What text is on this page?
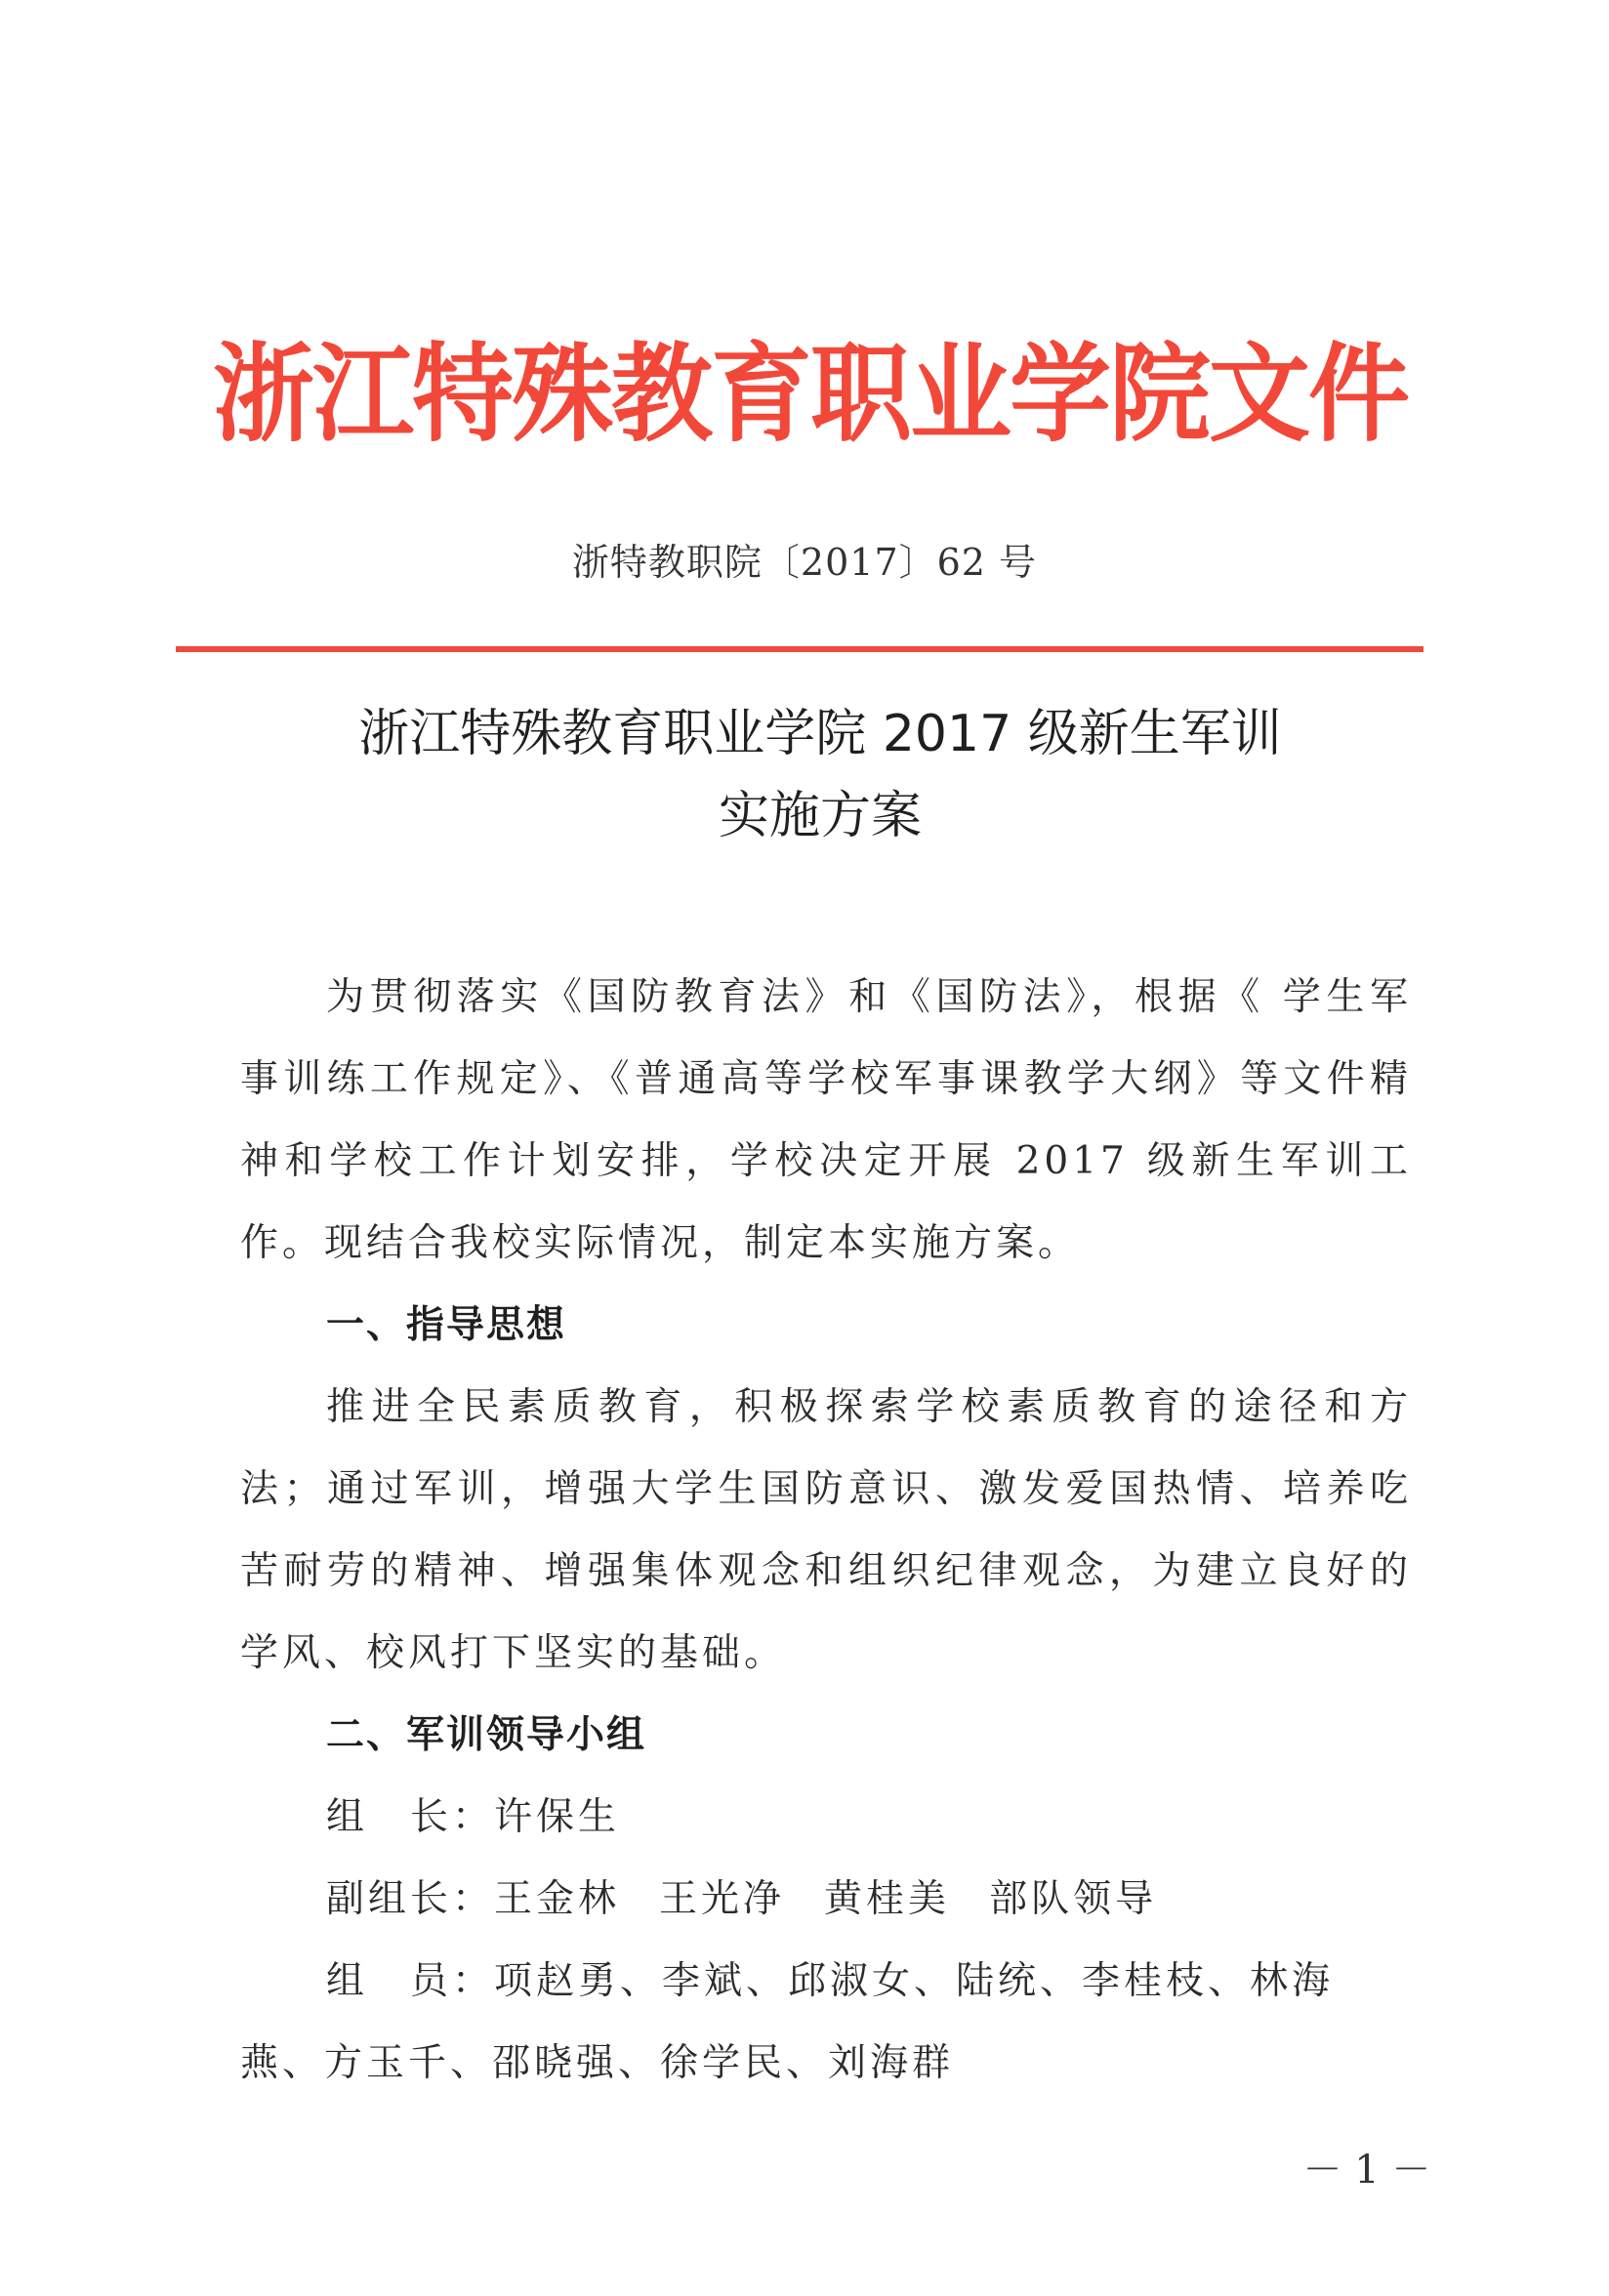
浙江特殊教育职业学院文件
浙特教职院〔2017〕62 号
浙江特殊教育职业学院 2017 级新生军训
实施方案

为贯彻落实《国防教育法》和《国防法》，根据《 学生军事训练工作规定》、《普通高等学校军事课教学大纲》等文件精神和学校工作计划安排，学校决定开展 2017 级新生军训工作。现结合我校实际情况，制定本实施方案。

一、指导思想

推进全民素质教育，积极探索学校素质教育的途径和方法；通过军训，增强大学生国防意识、激发爱国热情、培养吃苦耐劳的精神、增强集体观念和组织纪律观念，为建立良好的学风、校风打下坚实的基础。

二、军训领导小组

组　长：许保生

副组长：王金林 王光净 黄桂美 部队领导

组　员：项赵勇、李斌、邱淑女、陆统、李桂枝、林海燕、方玉千、邵晓强、徐学民、刘海群

－ 1 －
